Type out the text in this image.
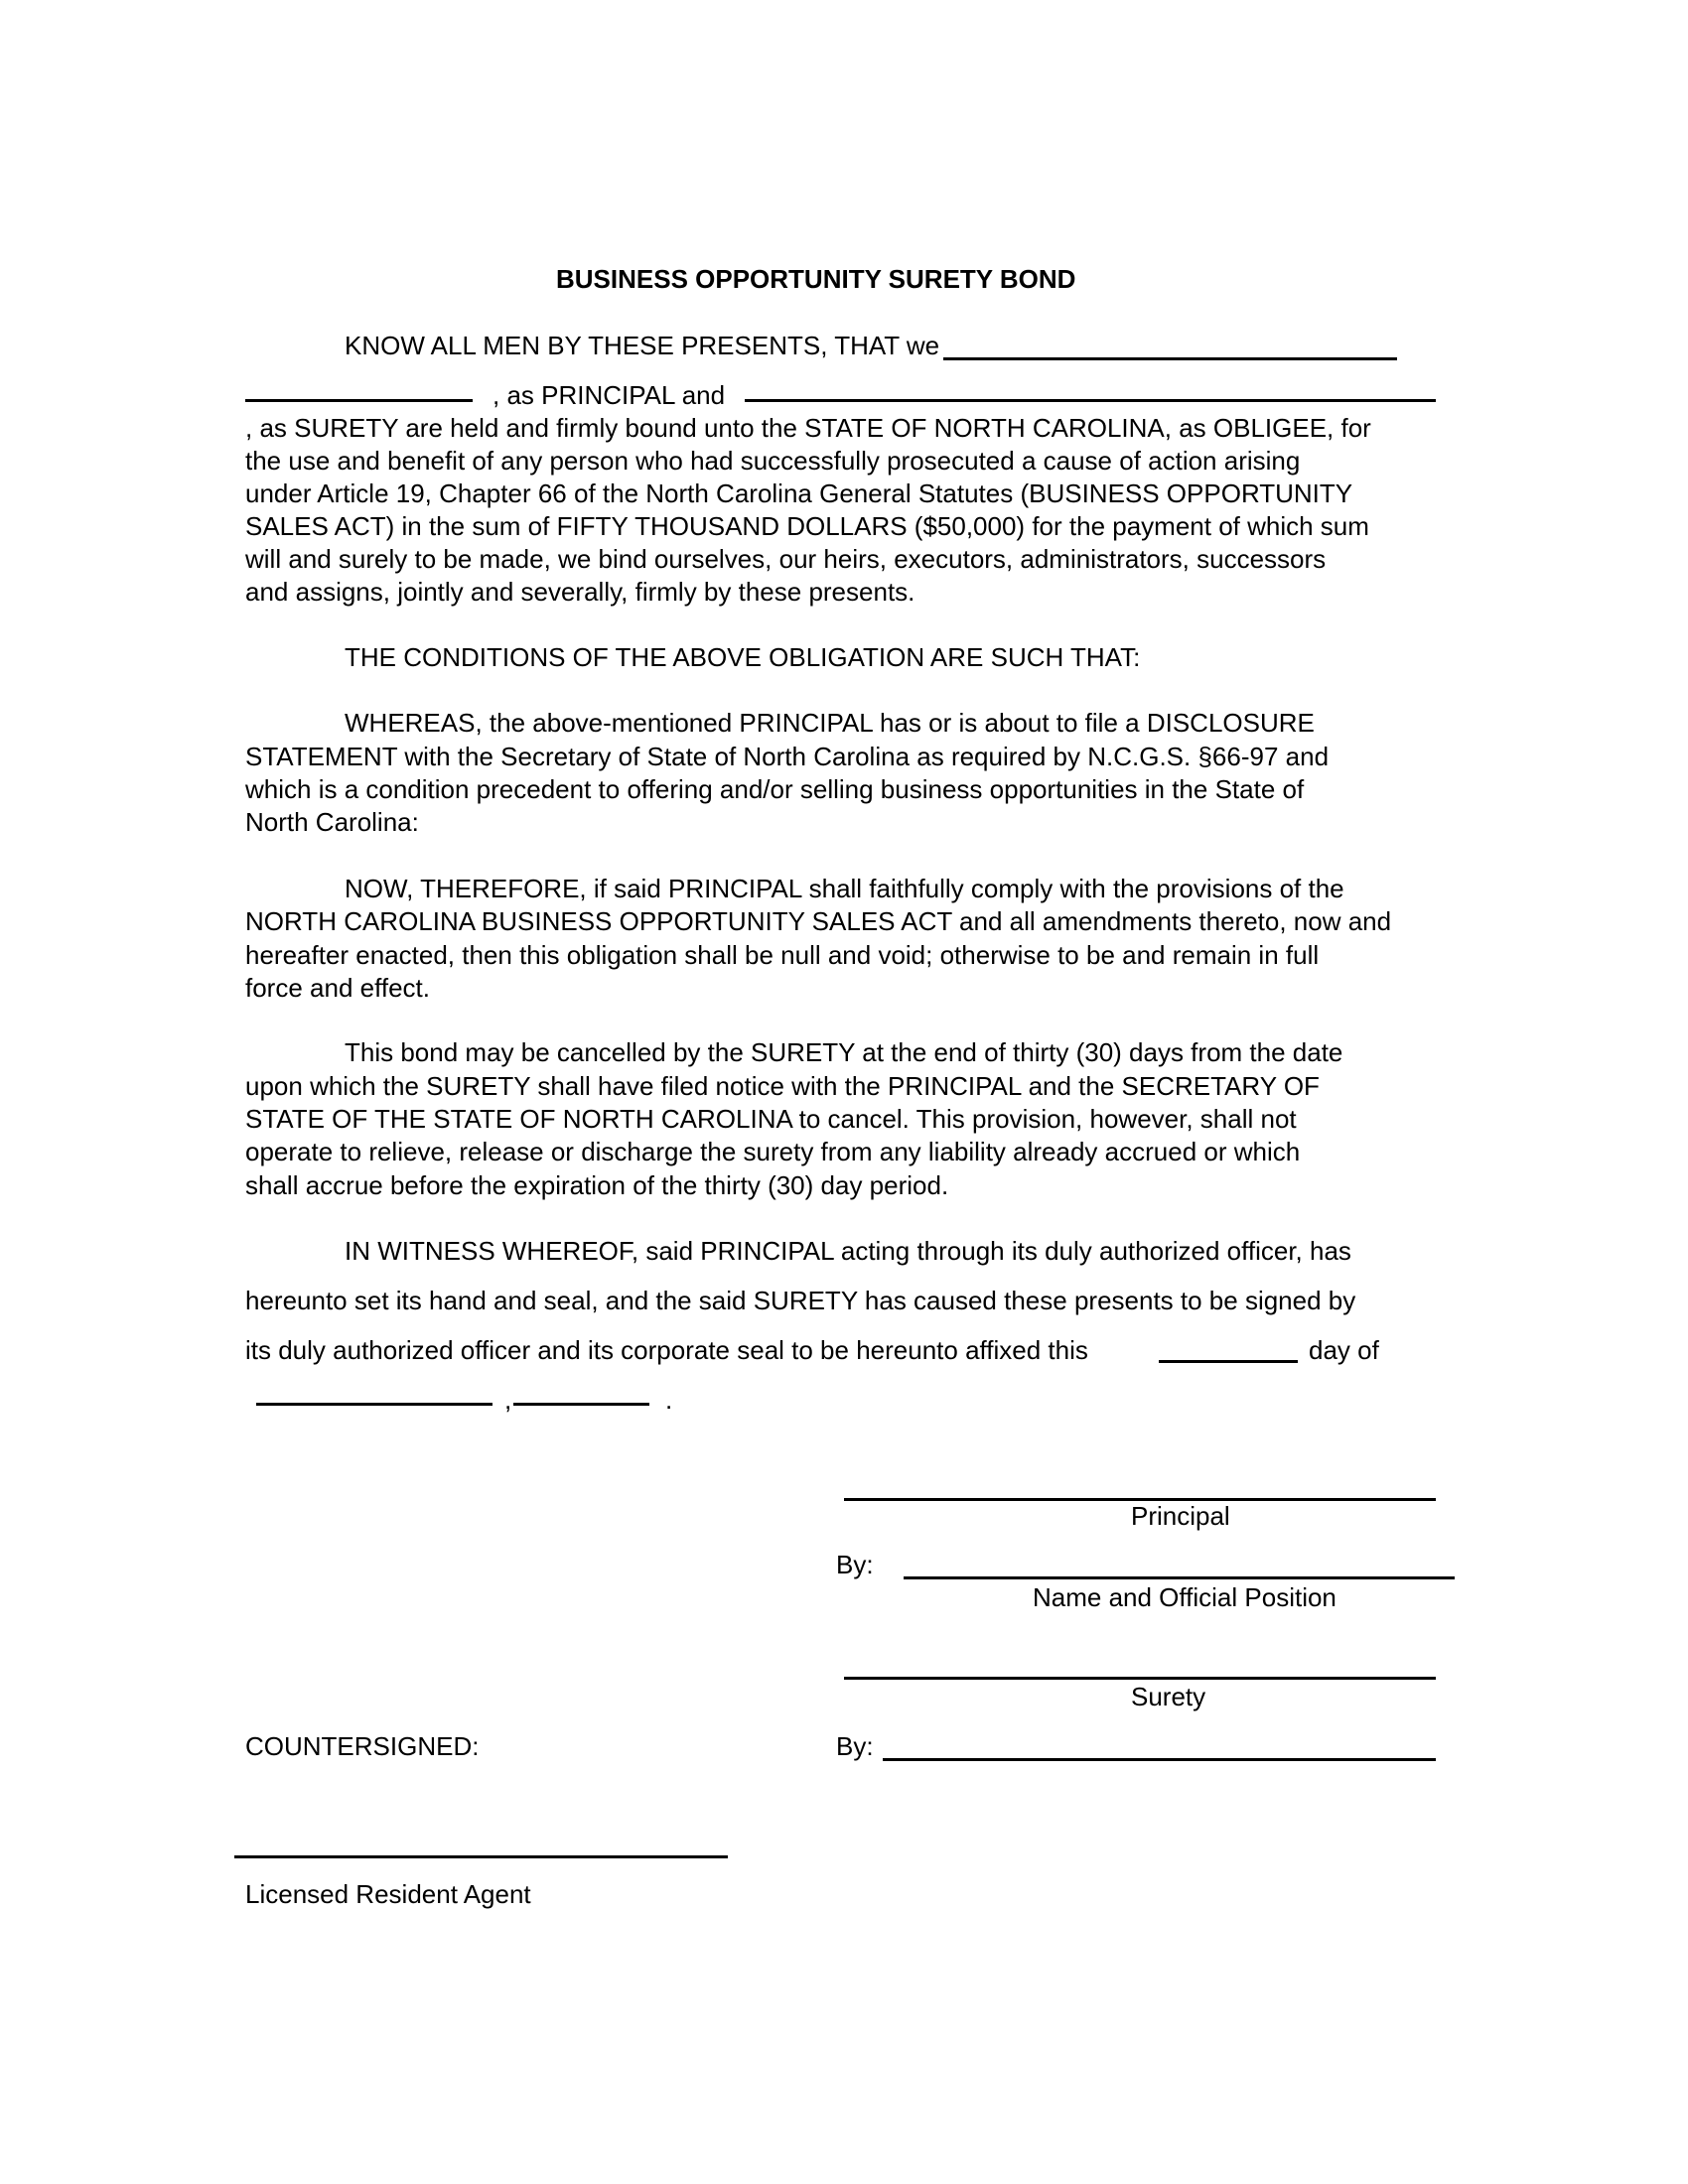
BUSINESS OPPORTUNITY SURETY BOND
KNOW ALL MEN BY THESE PRESENTS, THAT we
, as PRINCIPAL and
, as SURETY are held and firmly bound unto the STATE OF NORTH CAROLINA, as OBLIGEE, for
the use and benefit of any person who had successfully prosecuted a cause of action arising
under Article 19, Chapter 66 of the North Carolina General Statutes (BUSINESS OPPORTUNITY
SALES ACT) in the sum of FIFTY THOUSAND DOLLARS ($50,000) for the payment of which sum
will and surely to be made, we bind ourselves, our heirs, executors, administrators, successors
and assigns, jointly and severally, firmly by these presents.
THE CONDITIONS OF THE ABOVE OBLIGATION ARE SUCH THAT:
WHEREAS, the above-mentioned PRINCIPAL has or is about to file a DISCLOSURE
STATEMENT with the Secretary of State of North Carolina as required by N.C.G.S. §66-97 and
which is a condition precedent to offering and/or selling business opportunities in the State of
North Carolina:
NOW, THEREFORE, if said PRINCIPAL shall faithfully comply with the provisions of the
NORTH CAROLINA BUSINESS OPPORTUNITY SALES ACT and all amendments thereto, now and
hereafter enacted, then this obligation shall be null and void; otherwise to be and remain in full
force and effect.
This bond may be cancelled by the SURETY at the end of thirty (30) days from the date
upon which the SURETY shall have filed notice with the PRINCIPAL and the SECRETARY OF
STATE OF THE STATE OF NORTH CAROLINA to cancel. This provision, however, shall not
operate to relieve, release or discharge the surety from any liability already accrued or which
shall accrue before the expiration of the thirty (30) day period.
IN WITNESS WHEREOF, said PRINCIPAL acting through its duly authorized officer, has
hereunto set its hand and seal, and the said SURETY has caused these presents to be signed by
its duly authorized officer and its corporate seal to be hereunto affixed this	day of
,	.
Principal
By:
Name and Official Position
Surety
COUNTERSIGNED:	By:
Licensed Resident Agent
